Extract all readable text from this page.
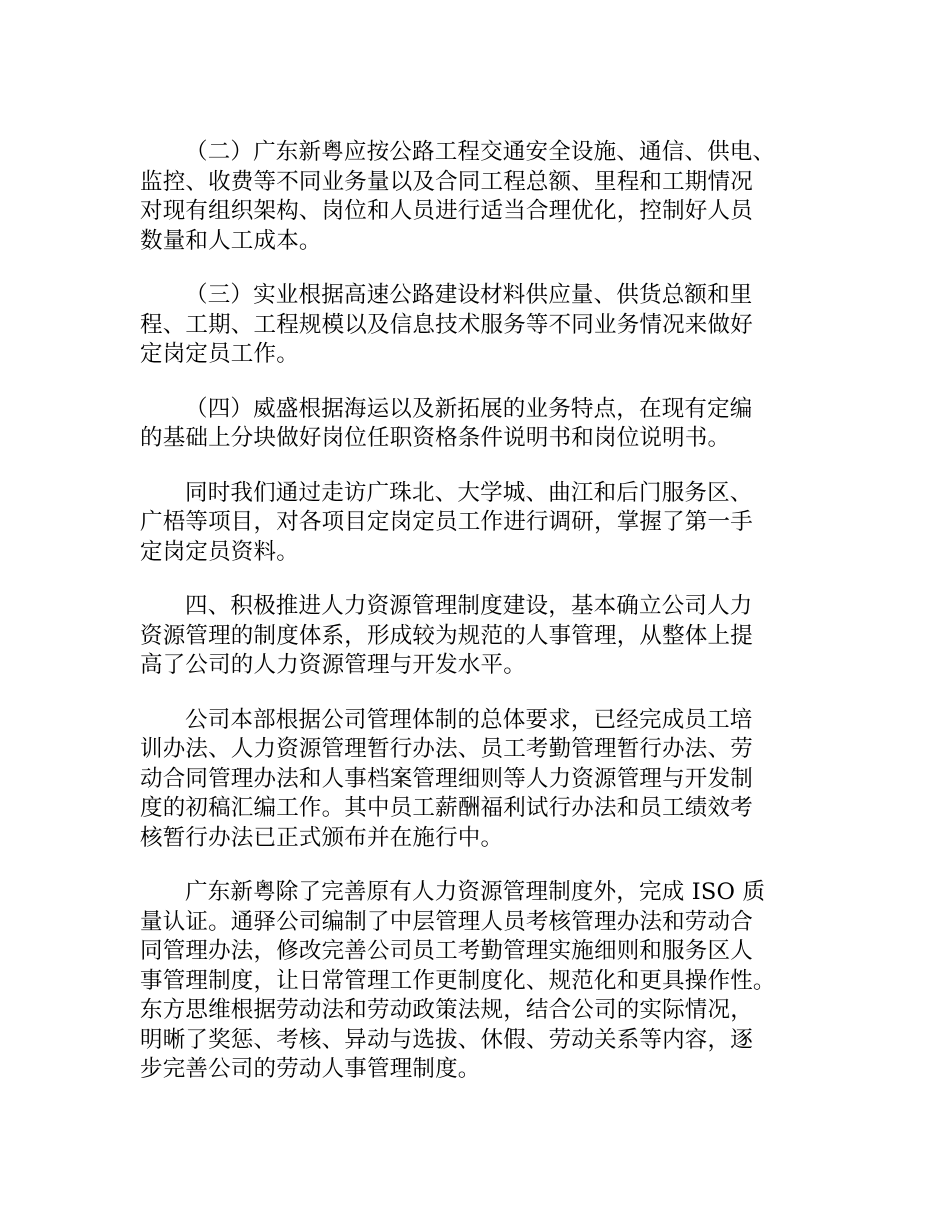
（二）广东新粤应按公路工程交通安全设施、通信、供电、
监控、收费等不同业务量以及合同工程总额、里程和工期情况
对现有组织架构、岗位和人员进行适当合理优化，控制好人员
数量和人工成本。

（三）实业根据高速公路建设材料供应量、供货总额和里
程、工期、工程规模以及信息技术服务等不同业务情况来做好
定岗定员工作。

（四）威盛根据海运以及新拓展的业务特点，在现有定编
的基础上分块做好岗位任职资格条件说明书和岗位说明书。

同时我们通过走访广珠北、大学城、曲江和后门服务区、
广梧等项目，对各项目定岗定员工作进行调研，掌握了第一手
定岗定员资料。

四、积极推进人力资源管理制度建设，基本确立公司人力
资源管理的制度体系，形成较为规范的人事管理，从整体上提
高了公司的人力资源管理与开发水平。

公司本部根据公司管理体制的总体要求，已经完成员工培
训办法、人力资源管理暂行办法、员工考勤管理暂行办法、劳
动合同管理办法和人事档案管理细则等人力资源管理与开发制
度的初稿汇编工作。其中员工薪酬福利试行办法和员工绩效考
核暂行办法已正式颁布并在施行中。

广东新粤除了完善原有人力资源管理制度外，完成 ISO 质
量认证。通驿公司编制了中层管理人员考核管理办法和劳动合
同管理办法，修改完善公司员工考勤管理实施细则和服务区人
事管理制度，让日常管理工作更制度化、规范化和更具操作性。
东方思维根据劳动法和劳动政策法规，结合公司的实际情况，
明晰了奖惩、考核、异动与选拔、休假、劳动关系等内容，逐
步完善公司的劳动人事管理制度。
